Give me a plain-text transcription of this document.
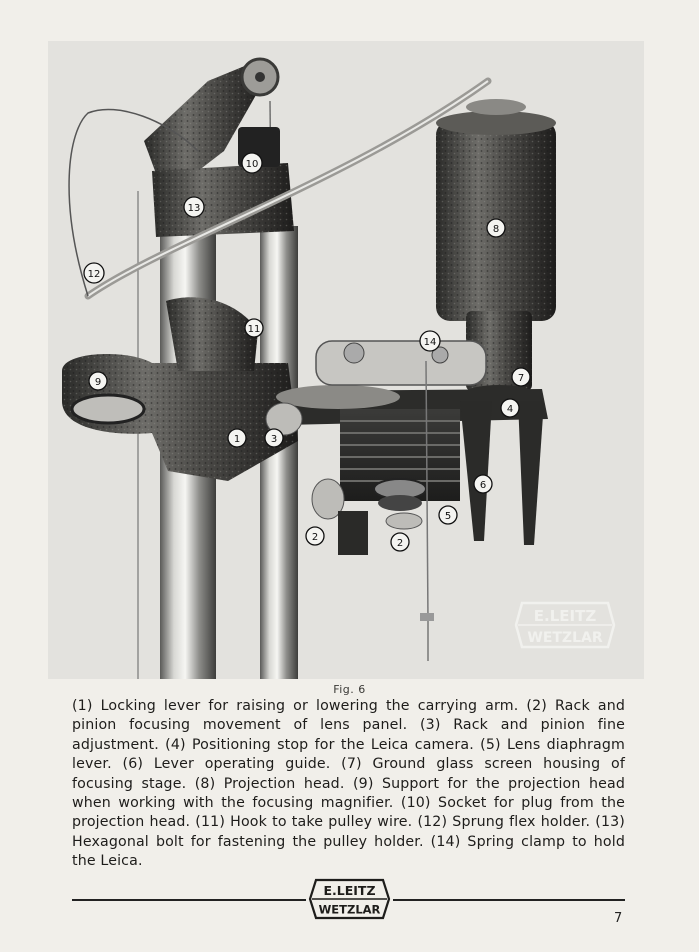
1
2
2
3
4
5
6
7
8
9
10
11
12
13
14
E.LEITZ
WETZLAR
Fig. 6
(1) Locking lever for raising or lowering the carrying arm. (2) Rack and pinion focusing movement of lens panel. (3) Rack and pinion fine adjustment. (4) Positioning stop for the Leica camera. (5) Lens diaphragm lever. (6) Lever operating guide. (7) Ground glass screen housing of focusing stage. (8) Projection head. (9) Support for the projection head when working with the focusing magnifier. (10) Socket for plug from the projection head. (11) Hook to take pulley wire. (12) Sprung flex holder. (13) Hexagonal bolt for fastening the pulley holder. (14) Spring clamp to hold the Leica.
E.LEITZ
WETZLAR
7
